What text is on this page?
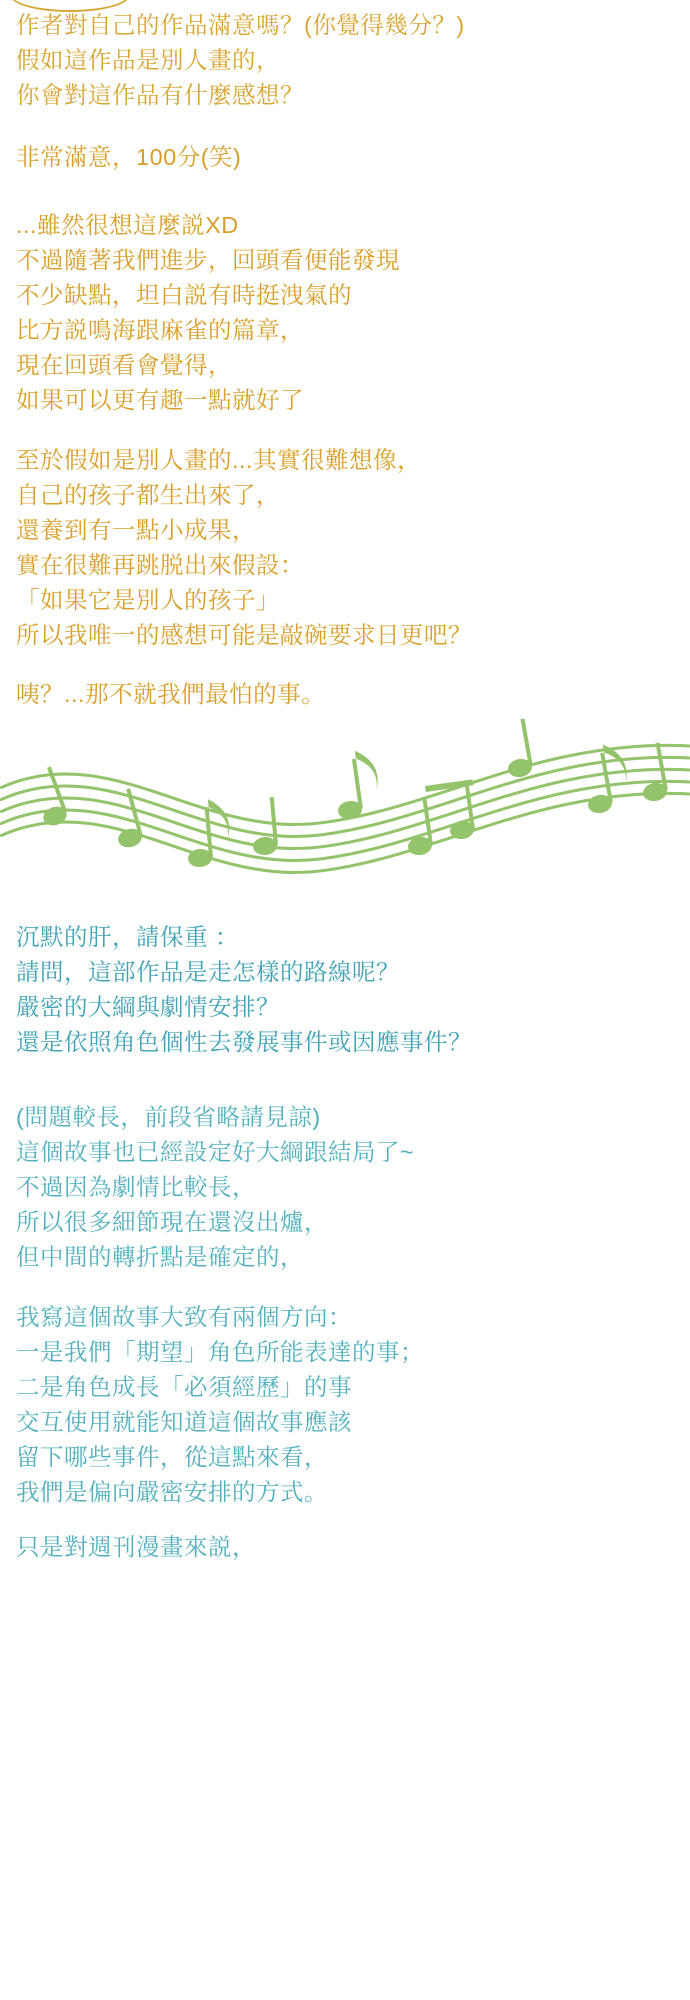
作者對自己的作品滿意嗎？(你覺得幾分？)
假如這作品是別人畫的，
你會對這作品有什麼感想？
非常滿意，100分(笑)
...雖然很想這麼説XD
不過隨著我們進步，回頭看便能發現
不少缺點，坦白説有時挺洩氣的
比方説鳴海跟麻雀的篇章，
現在回頭看會覺得，
如果可以更有趣一點就好了
至於假如是別人畫的...其實很難想像，
自己的孩子都生出來了，
還養到有一點小成果，
實在很難再跳脱出來假設：
「如果它是別人的孩子」
所以我唯一的感想可能是敲碗要求日更吧？
咦？...那不就我們最怕的事。
沉默的肝，請保重 ：
請問，這部作品是走怎樣的路線呢？
嚴密的大綱與劇情安排？
還是依照角色個性去發展事件或因應事件？
(問題較長，前段省略請見諒)
這個故事也已經設定好大綱跟結局了~
不過因為劇情比較長，
所以很多細節現在還沒出爐，
但中間的轉折點是確定的，
我寫這個故事大致有兩個方向：
一是我們「期望」角色所能表達的事；
二是角色成長「必須經歷」的事
交互使用就能知道這個故事應該
留下哪些事件，從這點來看，
我們是偏向嚴密安排的方式。
只是對週刊漫畫來説，
